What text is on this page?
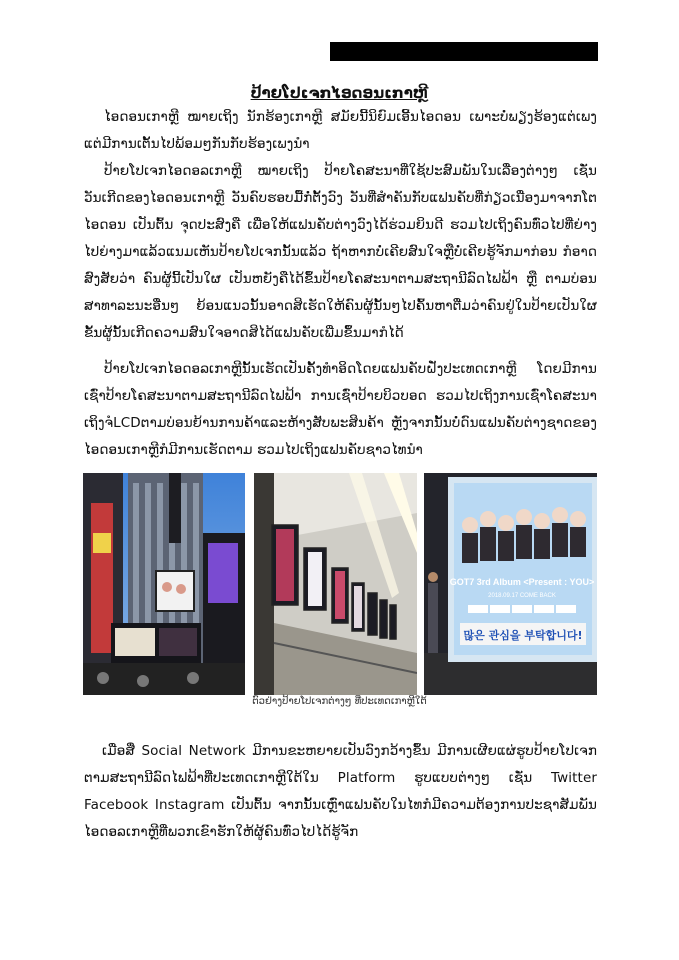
ປ້າຍໂປເຈກໄອດອນເກາຫຼີ

ໄອດອນເກາຫຼີ ໝາຍເຖິງ ນັກຮ້ອງເກາຫຼີ ສມັຍນີ້ນິຍົມເອີ້ນໄອດອນ ເພາະບໍ່ພຽງຮ້ອງແຕ່ເພງ ແຕ່ມີການເຕັ້ນໄປພ້ອມໆກັນກັບຮ້ອງເພງນຳ

ປ້າຍໂປເຈກໄອດອລເກາຫຼີ ໝາຍເຖິງ ປ້າຍໂຄສະນາທີ່ໃຊ້ປະສົມພັນໃນເລື່ອງຕ່າງໆ ເຊັ່ນ ວັນເກີດຂອງໄອດອນເກາຫຼີ ວັນຄົບຮອບມື້ກໍ່ຕັ້ງວົງ ວັນທີ່ສຳຄັນກັບແຟນຄັບທີ່ກ່ຽວເນື່ອງມາຈາກໂຕໄອດອນ ເປັນຕົ້ນ ຈຸດປະສົງຄື ເພື່ອໃຫ້ແຟນຄັບຕ່າງວົງໄດ້ຮ່ວມຍິນດີ ຮວມໄປເຖິງຄົນທົ່ວໄປທີ່ຍ່າງໄປຍ່າງມາແລ້ວແນມເຫັນປ້າຍໂປເຈກນັ້ນແລ້ວ ຖ້າຫາກບໍ່ເຄີຍສົນໃຈຫຼືບໍ່ເຄີຍຮູ້ຈັກມາກ່ອນ ກໍອາດສົງສັຍວ່າ ຄົນຜູ້ນີ້ເປັນໃຜ ເປັນຫຍັງຄືໄດ້ຂຶ້ນປ້າຍໂຄສະນາຕາມສະຖານີລົດໄຟຟ້າ ຫຼື ຕາມບ່ອນສາທາລະນະອື່ນໆ ຍ້ອນແນວນັ້ນອາດສິເຮັດໃຫ້ຄົນຜູ້ນັ້ນໆໄປຄົ້ນຫາຕື່ມວ່າຄົນຢູ່ໃນປ້າຍເປັນໃຜ ຂັ້ນຜູ້ນັ້ນເກີດຄວາມສົນໃຈອາດສິໄດ້ແຟນຄັບເພີ່ມຂຶ້ນມາກໍໄດ້

ປ້າຍໂປເຈກໄອດອລເກາຫຼີນັ້ນເຮັດເປັນຄັ້ງທຳອິດໂດຍແຟນຄັບຝັ່ງປະເທດເກາຫຼີ ໂດຍມີການເຊົ່າປ້າຍໂຄສະນາຕາມສະຖານີລົດໄຟຟ້າ ການເຊົ່າປ້າຍບິວບອດ ຮວມໄປເຖິງການເຊົ່າໂຄສະນາເຖິງຈໍLCDຕາມບ່ອນຍ້ານການຄ້າແລະຫ້າງສັບພະສິນຄ້າ ຫຼັງຈາກນັ້ນບໍ່ດົນແຟນຄັບຕ່າງຊາດຂອງໄອດອນເກາຫຼີກໍມີການເຮັດຕາມ ຮວມໄປເຖິງແຟນຄັບຊາວໄທນຳ

GOT7 3rd Album <Present : YOU>
2018.09.17 COME BACK
많은 관심을 부탁합니다!
ຕົວຢ່າງປ້າຍໂປເຈກຕ່າງໆ ທີ່ປະເທດເກາຫຼີໃຕ້

ເມື່ອສື່ Social Network ມີການຂະຫຍາຍເປັນວົງກວ້າງຂຶ້ນ ມີການເຜີຍແຜ່ຮູບປ້າຍໂປເຈກຕາມສະຖານີລົດໄຟຟ້າທີ່ປະເທດເກາຫຼີໃຕ້ໃນ Platform ຮູບແບບຕ່າງໆ ເຊັ່ນ Twitter Facebook Instagram ເປັນຕົ້ນ ຈາກນັ້ນເຫຼົ່າແຟນຄັບໃນໄທກໍມີຄວາມຕ້ອງການປະຊາສັມພັນໄອດອລເກາຫຼີທີ່ພວກເຂົາຮັກໃຫ້ຜູ້ຄົນທົ່ວໄປໄດ້ຮູ້ຈັກ
